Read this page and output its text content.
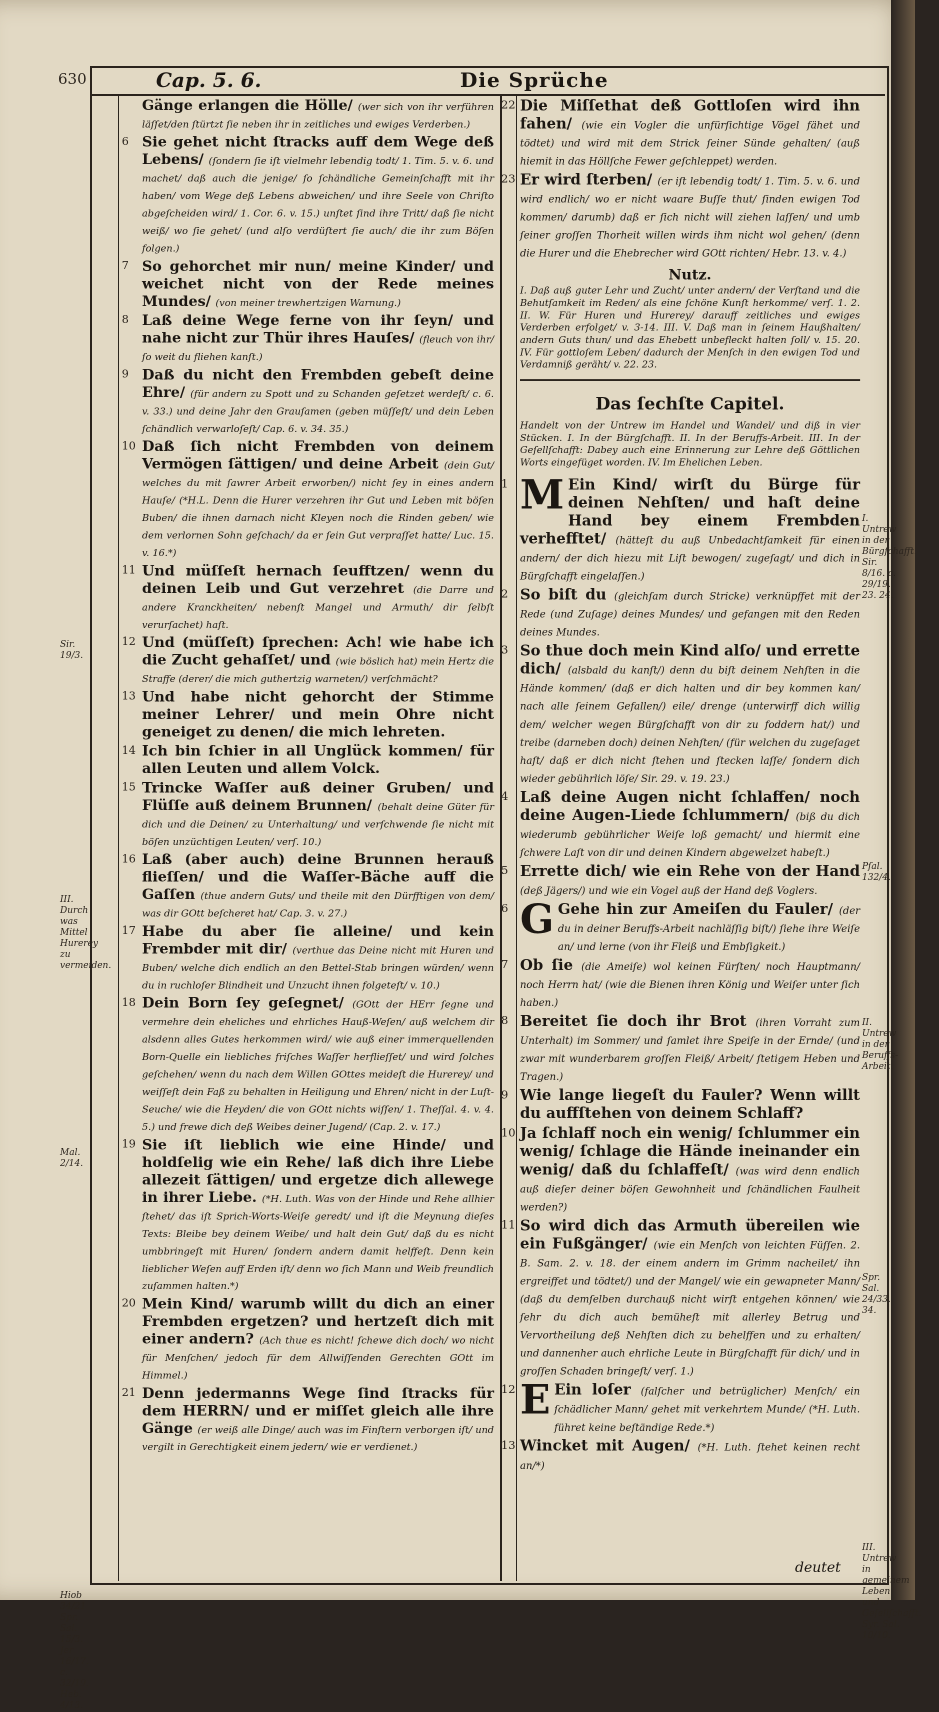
630	Cap. 5. 6.	Die Sprüche
Gänge erlangen die Hölle/ (wer sich von ihr verführen läſſet/den ſtürtzt ſie neben ihr in zeitliches und ewiges Verderben.)
6 Sie gehet nicht ſtracks auff dem Wege deß Lebens/ (ſondern ſie iſt vielmehr lebendig todt/ 1. Tim. 5. v. 6. und machet/ daß auch die jenige/ ſo ſchändliche Gemeinſchafft mit ihr haben/ vom Wege deß Lebens abweichen/ und ihre Seele von Chriſto abgeſcheiden wird/ 1. Cor. 6. v. 15.) unſtet ſind ihre Tritt/ daß ſie nicht weiß/ wo ſie gehet/ (und alſo verdüſtert ſie auch/ die ihr zum Böſen folgen.)
7 So gehorchet mir nun/ meine Kinder/ und weichet nicht von der Rede meines Mundes/ (von meiner trewhertzigen Warnung.)
8 Laß deine Wege ferne von ihr ſeyn/ und nahe nicht zur Thür ihres Hauſes/ (fleuch von ihr/ ſo weit du fliehen kanſt.)
9 Daß du nicht den Frembden gebeſt deine Ehre/ (für andern zu Spott und zu Schanden geſetzet werdeſt/ c. 6. v. 33.) und deine Jahr den Grauſamen (geben müſſeſt/ und dein Leben ſchändlich verwarloſeſt/ Cap. 6. v. 34. 35.)
10 Daß ſich nicht Frembden von deinem Vermögen ſättigen/ und deine Arbeit (dein Gut/ welches du mit ſawrer Arbeit erworben/) nicht ſey in eines andern Hauſe/ (*H.L. Denn die Hurer verzehren ihr Gut und Leben mit böſen Buben/ die ihnen darnach nicht Kleyen noch die Rinden geben/ wie dem verlornen Sohn geſchach/ da er ſein Gut verpraſſet hatte/ Luc. 15. v. 16.*)
11 Und müſſeſt hernach ſeufftzen/ wenn du deinen Leib und Gut verzehret (die Darre und andere Kranckheiten/ nebenſt Mangel und Armuth/ dir ſelbſt verurſachet) haſt.
12 Und (müſſeſt) ſprechen: Ach! wie habe ich die Zucht gehaſſet/ und (wie böslich hat) mein Hertz die Straffe (derer/ die mich guthertzig warneten/) verſchmächt?
13 Und habe nicht gehorcht der Stimme meiner Lehrer/ und mein Ohre nicht geneiget zu denen/ die mich lehreten.
14 Ich bin ſchier in all Unglück kommen/ für allen Leuten und allem Volck.
15 Trincke Waſſer auß deiner Gruben/ und Flüſſe auß deinem Brunnen/ (behalt deine Güter für dich und die Deinen/ zu Unterhaltung/ und verſchwende ſie nicht mit böſen unzüchtigen Leuten/ verſ. 10.)
16 Laß (aber auch) deine Brunnen herauß flieſſen/ und die Waſſer-Bäche auff die Gaſſen (thue andern Guts/ und theile mit den Dürfftigen von dem/ was dir GOtt beſcheret hat/ Cap. 3. v. 27.)
17 Habe du aber ſie alleine/ und kein Frembder mit dir/ (verthue das Deine nicht mit Huren und Buben/ welche dich endlich an den Bettel-Stab bringen würden/ wenn du in ruchloſer Blindheit und Unzucht ihnen folgeteſt/ v. 10.)
18 Dein Born ſey geſegnet/ (GOtt der HErr ſegne und vermehre dein eheliches und ehrliches Hauß-Weſen/ auß welchem dir alsdenn alles Gutes herkommen wird/ wie auß einer immerquellenden Born-Quelle ein liebliches friſches Waſſer herflieſſet/ und wird ſolches geſchehen/ wenn du nach dem Willen GOttes meideſt die Hurerey/ und weiſſeſt dein Faß zu behalten in Heiligung und Ehren/ nicht in der Luſt-Seuche/ wie die Heyden/ die von GOtt nichts wiſſen/ 1. Theſſal. 4. v. 4. 5.) und frewe dich deß Weibes deiner Jugend/ (Cap. 2. v. 17.)
19 Sie iſt lieblich wie eine Hinde/ und holdſelig wie ein Rehe/ laß dich ihre Liebe allezeit ſättigen/ und ergetze dich allewege in ihrer Liebe. (*H. Luth. Was von der Hinde und Rehe allhier ſtehet/ das iſt Sprich-Worts-Weiſe geredt/ und iſt die Meynung dieſes Texts: Bleibe bey deinem Weibe/ und halt dein Gut/ daß du es nicht umbbringeſt mit Huren/ ſondern andern damit helffeſt. Denn kein lieblicher Weſen auff Erden iſt/ denn wo ſich Mann und Weib freundlich zuſammen halten.*)
20 Mein Kind/ warumb willt du dich an einer Frembden ergetzen? und hertzeſt dich mit einer andern? (Ach thue es nicht! ſchewe dich doch/ wo nicht für Menſchen/ jedoch für dem Allwiſſenden Gerechten GOtt im Himmel.)
21 Denn jedermanns Wege ſind ſtracks für dem HERRN/ und er miſſet gleich alle ihre Gänge (er weiß alle Dinge/ auch was im Finſtern verborgen iſt/ und vergilt in Gerechtigkeit einem jedern/ wie er verdienet.)
22 Die Miſſethat deß Gottloſen wird ihn fahen/ (wie ein Vogler die unfürſichtige Vögel fähet und tödtet) und wird mit dem Strick ſeiner Sünde gehalten/ (auß hiemit in das Höllſche Fewer geſchleppet) werden.
23 Er wird ſterben/ (er iſt lebendig todt/ 1. Tim. 5. v. 6. und wird endlich/ wo er nicht waare Buſſe thut/ ſinden ewigen Tod kommen/ darumb) daß er ſich nicht will ziehen laſſen/ und umb ſeiner groſſen Thorheit willen wirds ihm nicht wol gehen/ (denn die Hurer und die Ehebrecher wird GOtt richten/ Hebr. 13. v. 4.)
Nutz.
I. Daß auß guter Lehr und Zucht/ unter andern/ der Verſtand und die Behutſamkeit im Reden/ als eine ſchöne Kunſt herkomme/ verſ. 1. 2. II. W. Für Huren und Hurerey/ darauff zeitliches und ewiges Verderben erfolget/ v. 3-14. III. V. Daß man in ſeinem Haußhalten/ andern Guts thun/ und das Ehebett unbefleckt halten ſoll/ v. 15. 20. IV. Für gottloſem Leben/ dadurch der Menſch in den ewigen Tod und Verdamniß geräht/ v. 22. 23.
Das ſechſte Capitel.
Handelt von der Untrew im Handel und Wandel/ und diß in vier Stücken. I. In der Bürgſchafft. II. In der Beruffs-Arbeit. III. In der Geſellſchafft: Dabey auch eine Erinnerung zur Lehre deß Göttlichen Worts eingefüget worden. IV. Im Ehelichen Leben.
1 M Ein Kind/ wirſt du Bürge für deinen Nehſten/ und haſt deine Hand bey einem Frembden verhefftet/ (hätteſt du auß Unbedachtſamkeit für einen andern/ der dich hiezu mit Liſt bewogen/ zugeſagt/ und dich in Bürgſchafft eingelaſſen.)
2 So biſt du (gleichſam durch Stricke) verknüpffet mit der Rede (und Zuſage) deines Mundes/ und gefangen mit den Reden deines Mundes.
3 So thue doch mein Kind alſo/ und errette dich/ (alsbald du kanſt/) denn du biſt deinem Nehſten in die Hände kommen/ (daß er dich halten und dir bey kommen kan/ nach alle ſeinem Gefallen/) eile/ drenge (unterwirff dich willig dem/ welcher wegen Bürgſchafft von dir zu foddern hat/) und treibe (darneben doch) deinen Nehſten/ (für welchen du zugeſaget haſt/ daß er dich nicht ſtehen und ſtecken laſſe/ ſondern dich wieder gebührlich löſe/ Sir. 29. v. 19. 23.)
4 Laß deine Augen nicht ſchlaffen/ noch deine Augen-Liede ſchlummern/ (biß du dich wiederumb gebührlicher Weiſe loß gemacht/ und hiermit eine ſchwere Laſt von dir und deinen Kindern abgewelzet habeſt.)
5 Errette dich/ wie ein Rehe von der Hand (deß Jägers/) und wie ein Vogel auß der Hand deß Voglers.
6 G Gehe hin zur Ameiſen du Fauler/ (der du in deiner Beruffs-Arbeit nachläſſig biſt/) ſiehe ihre Weiſe an/ und lerne (von ihr Fleiß und Embſigkeit.)
7 Ob ſie (die Ameiſe) wol keinen Fürſten/ noch Hauptmann/ noch Herrn hat/ (wie die Bienen ihren König und Weiſer unter ſich haben.)
8 Bereitet ſie doch ihr Brot (ihren Vorraht zum Unterhalt) im Sommer/ und ſamlet ihre Speiſe in der Ernde/ (und zwar mit wunderbarem groſſen Fleiß/ Arbeit/ ſtetigem Heben und Tragen.)
9 Wie lange liegeſt du Fauler? Wenn willt du auffſtehen von deinem Schlaff?
10 Ja ſchlaff noch ein wenig/ ſchlummer ein wenig/ ſchlage die Hände ineinander ein wenig/ daß du ſchlaffeſt/ (was wird denn endlich auß dieſer deiner böſen Gewohnheit und ſchändlichen Faulheit werden?)
11 So wird dich das Armuth übereilen wie ein Fußgänger/ (wie ein Menſch von leichten Füſſen. 2. B. Sam. 2. v. 18. der einem andern im Grimm nacheilet/ ihn ergreiffet und tödtet/) und der Mangel/ wie ein gewapneter Mann/ (daß du demſelben durchauß nicht wirſt entgehen können/ wie ſehr du dich auch bemüheſt mit allerley Betrug und Vervortheilung deß Nehſten dich zu behelffen und zu erhalten/ und dannenher auch ehrliche Leute in Bürgſchafft für dich/ und in groſſen Schaden bringeſt/ verſ. 1.)
12 E Ein loſer (falſcher und betrüglicher) Menſch/ ein ſchädlicher Mann/ gehet mit verkehrtem Munde/ (*H. Luth. führet keine beſtändige Rede.*)
13 Wincket mit Augen/ (*H. Luth. ſtehet keinen recht an/*)
Sir. 19/3.
III. Durch was Mittel Hurerey zu vermeiden.
Mal. 2/14.
Hiob 34/21 Spr. Sal. 15/3. Jer 16/17. c. 32/19. Heb. 4/13.
I. Untrew in der Bürgſchafft. Sir. 8/16. c. 29/19. 23. 24.
Pſal. 132/4.
II. Untrew in der Beruffs-Arbeit.
Spr. Sal. 24/33. 34.
III. Untrew in gemeinem Leben und Geſellſchafft. Syr. Sal. 10/10.
deutet
